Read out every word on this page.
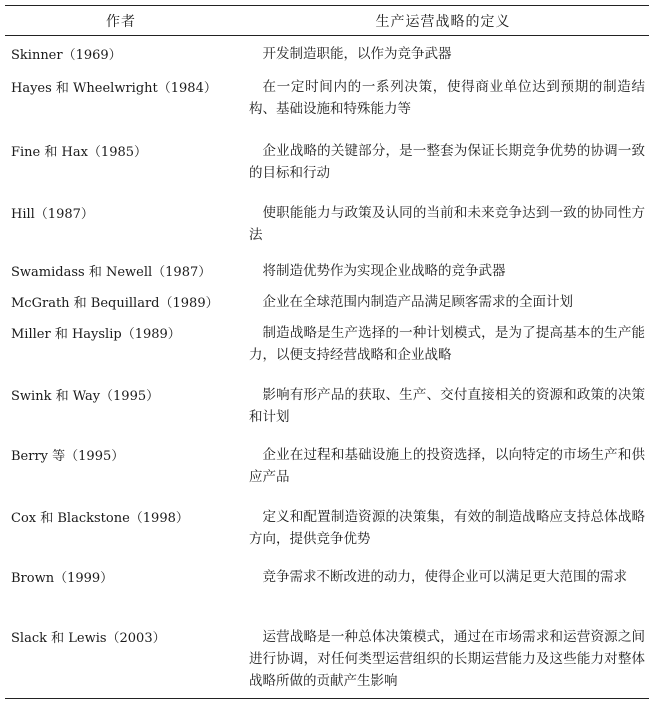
作者	生产运营战略的定义
Skinner（1969）	开发制造职能，以作为竞争武器
Hayes 和 Wheelwright（1984）	在一定时间内的一系列决策，使得商业单位达到预期的制造结构、基础设施和特殊能力等
Fine 和 Hax（1985）	企业战略的关键部分，是一整套为保证长期竞争优势的协调一致的目标和行动
Hill（1987）	使职能能力与政策及认同的当前和未来竞争达到一致的协同性方法
Swamidass 和 Newell（1987）	将制造优势作为实现企业战略的竞争武器
McGrath 和 Bequillard（1989）	企业在全球范围内制造产品满足顾客需求的全面计划
Miller 和 Hayslip（1989）	制造战略是生产选择的一种计划模式，是为了提高基本的生产能力，以便支持经营战略和企业战略
Swink 和 Way（1995）	影响有形产品的获取、生产、交付直接相关的资源和政策的决策和计划
Berry 等（1995）	企业在过程和基础设施上的投资选择，以向特定的市场生产和供应产品
Cox 和 Blackstone（1998）	定义和配置制造资源的决策集，有效的制造战略应支持总体战略方向，提供竞争优势
Brown（1999）	竞争需求不断改进的动力，使得企业可以满足更大范围的需求
Slack 和 Lewis（2003）	运营战略是一种总体决策模式，通过在市场需求和运营资源之间进行协调，对任何类型运营组织的长期运营能力及这些能力对整体战略所做的贡献产生影响
